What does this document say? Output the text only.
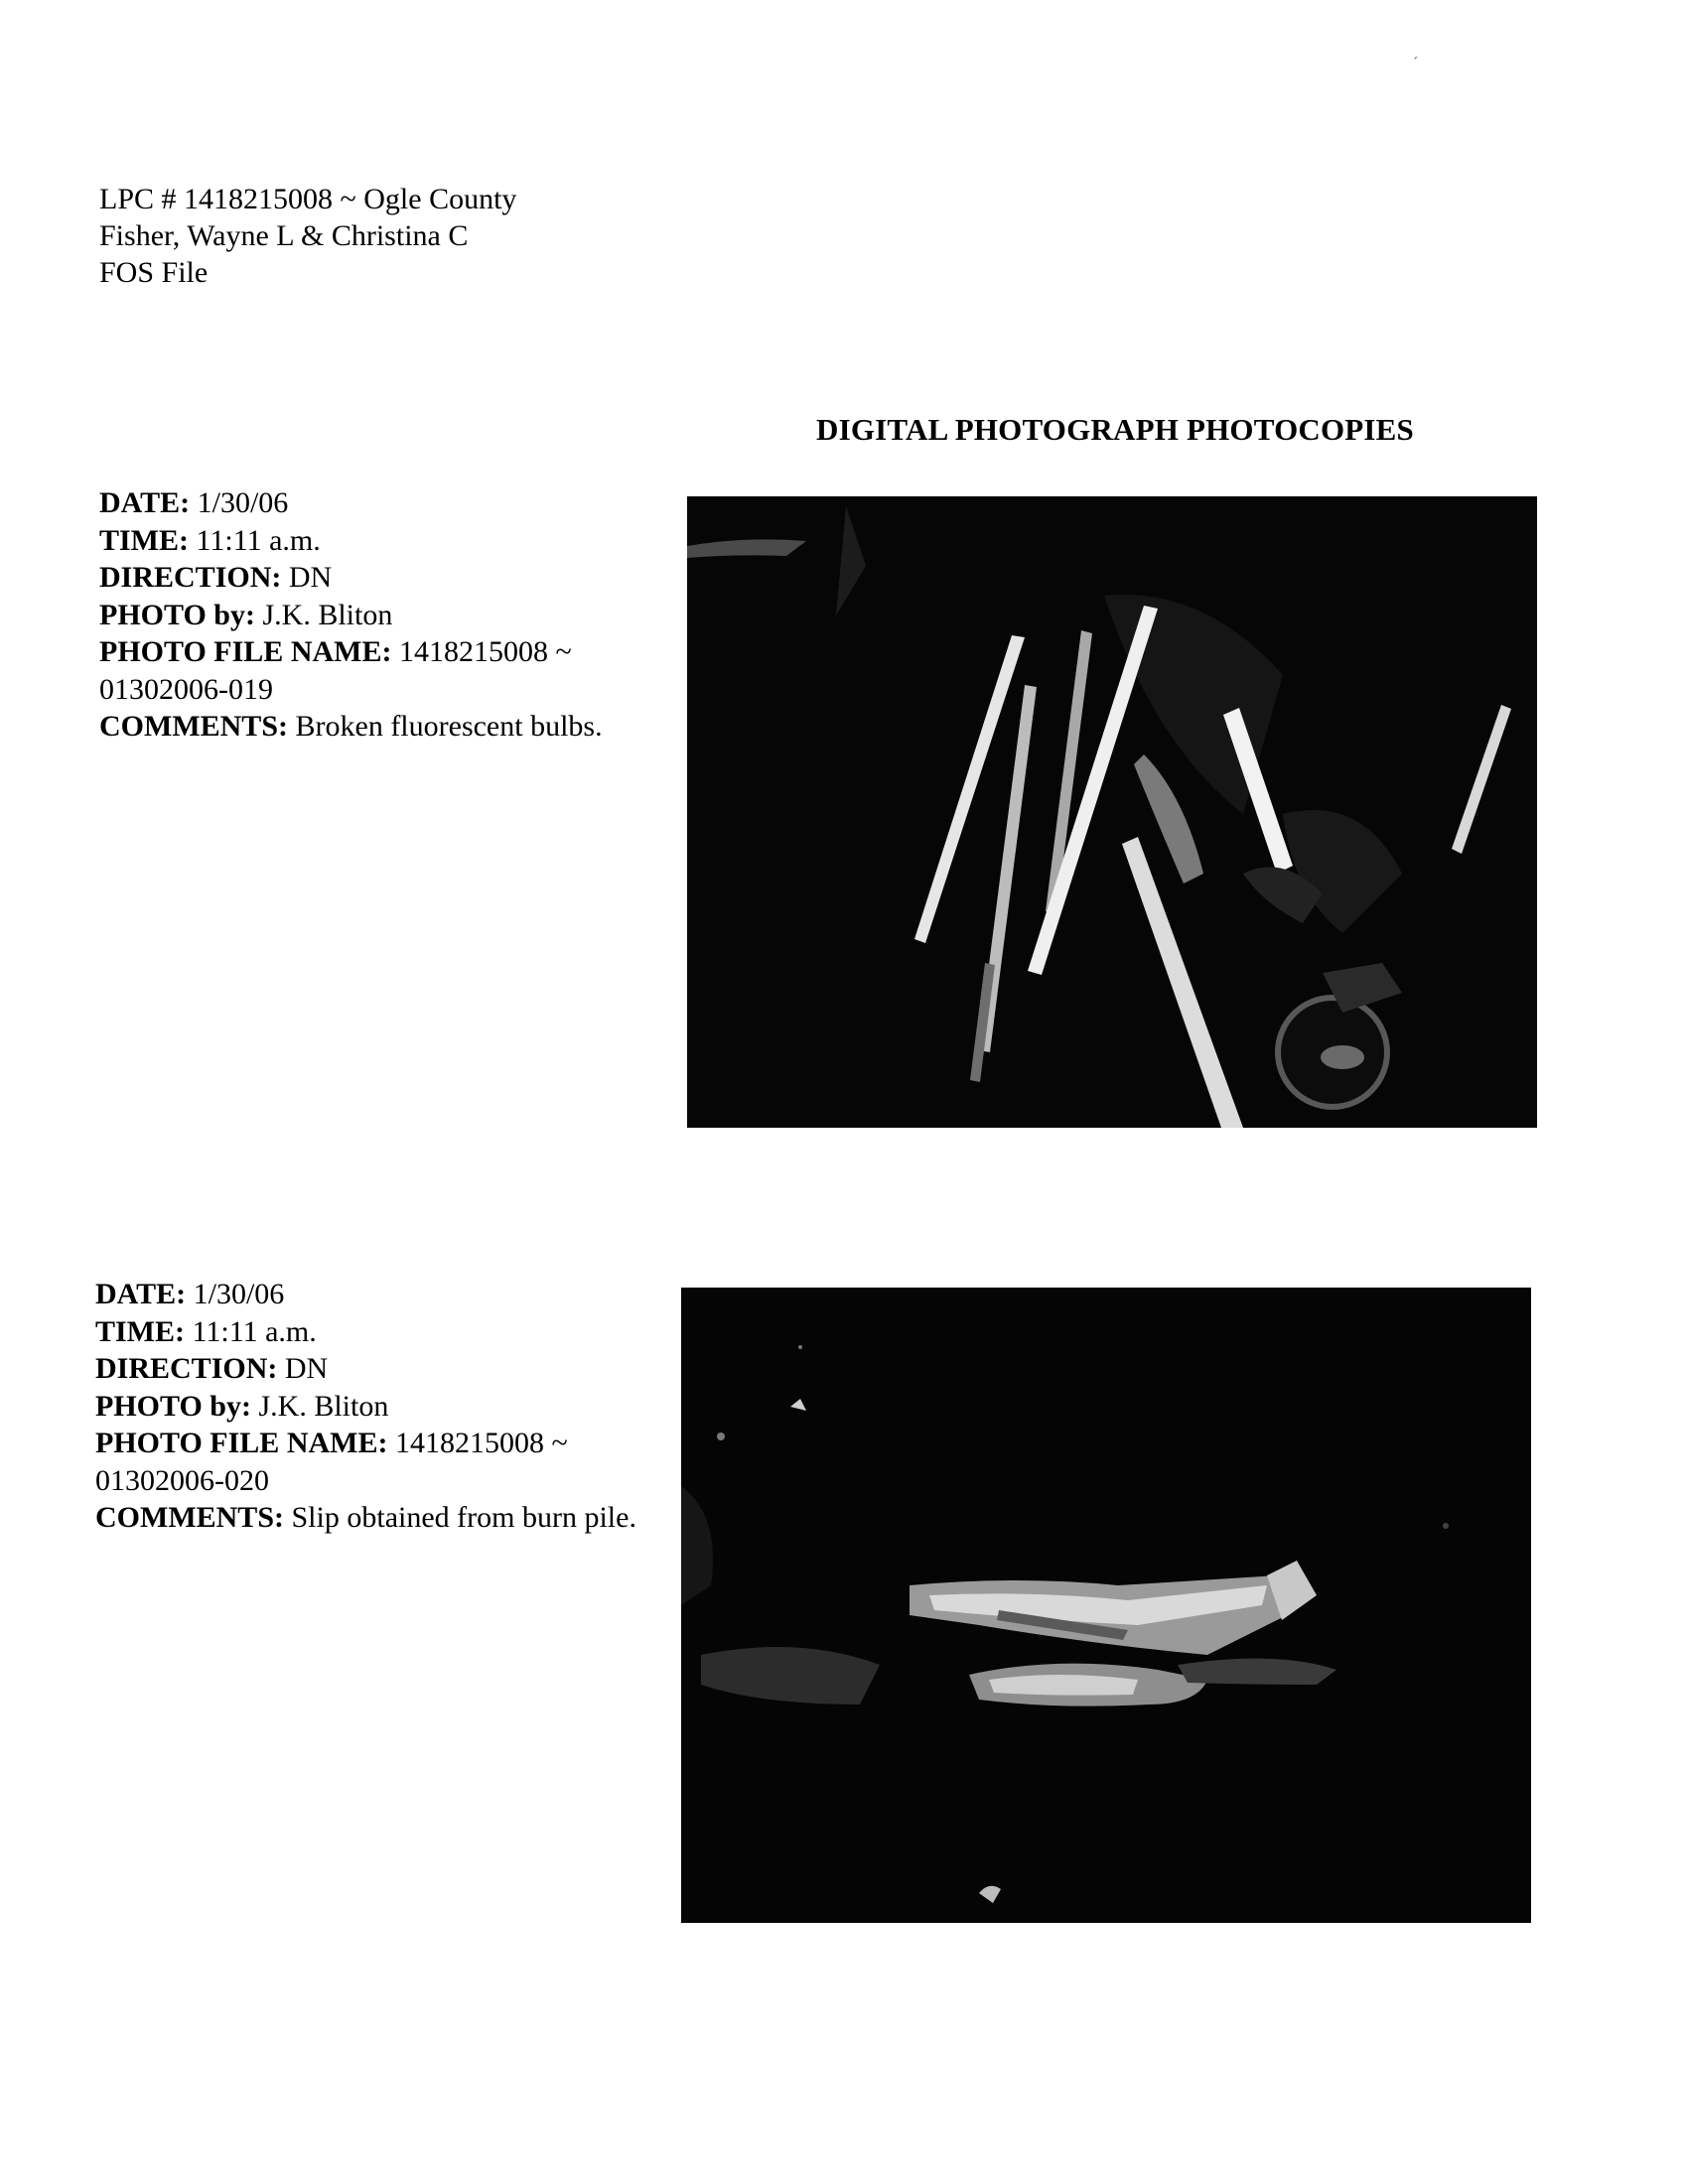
´
LPC # 1418215008 ~ Ogle County
Fisher, Wayne L & Christina C
FOS File
DIGITAL PHOTOGRAPH PHOTOCOPIES
DATE: 1/30/06
TIME: 11:11 a.m.
DIRECTION: DN
PHOTO by: J.K. Bliton
PHOTO FILE NAME: 1418215008 ~
01302006-019
COMMENTS: Broken fluorescent bulbs.
DATE: 1/30/06
TIME: 11:11 a.m.
DIRECTION: DN
PHOTO by: J.K. Bliton
PHOTO FILE NAME: 1418215008 ~
01302006-020
COMMENTS: Slip obtained from burn pile.
